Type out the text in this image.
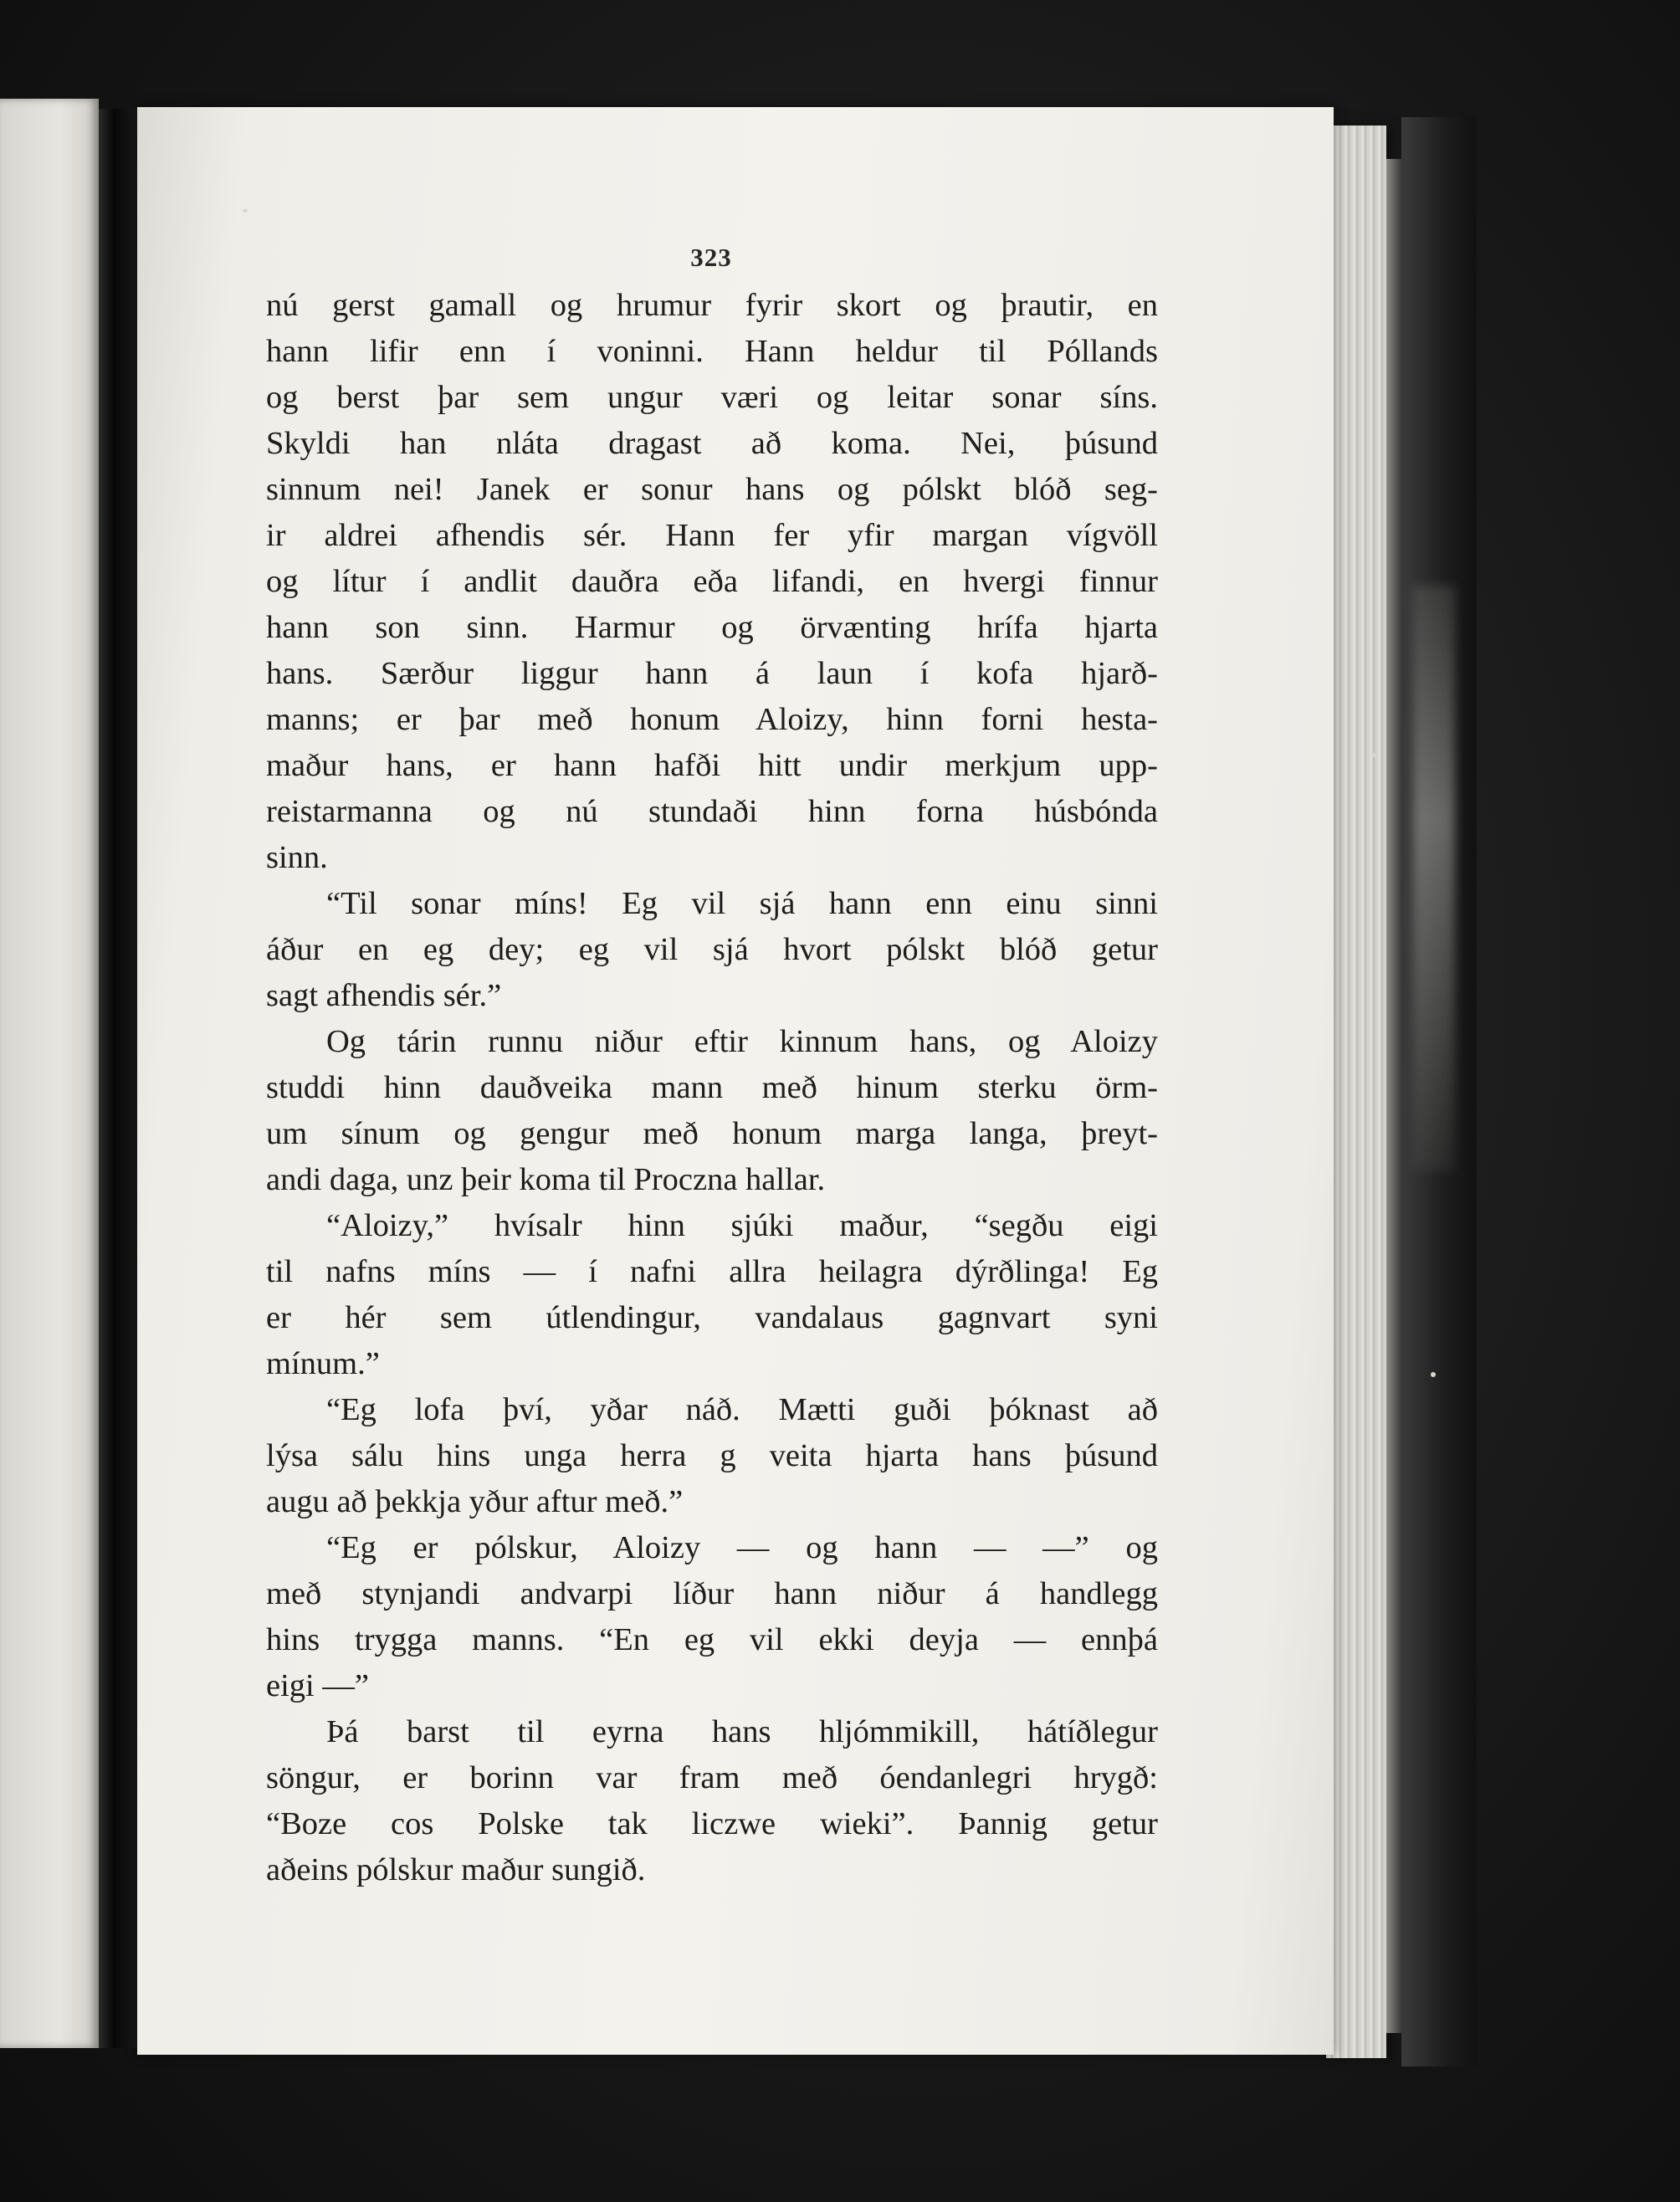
323
nú gerst gamall og hrumur fyrir skort og þrautir, en
hann lifir enn í voninni. Hann heldur til Póllands
og berst þar sem ungur væri og leitar sonar síns.
Skyldi han nláta dragast að koma. Nei, þúsund
sinnum nei! Janek er sonur hans og pólskt blóð seg-
ir aldrei afhendis sér. Hann fer yfir margan vígvöll
og lítur í andlit dauðra eða lifandi, en hvergi finnur
hann son sinn. Harmur og örvænting hrífa hjarta
hans. Særður liggur hann á laun í kofa hjarð-
manns; er þar með honum Aloizy, hinn forni hesta-
maður hans, er hann hafði hitt undir merkjum upp-
reistarmanna og nú stundaði hinn forna húsbónda
sinn.
“Til sonar míns! Eg vil sjá hann enn einu sinni
áður en eg dey; eg vil sjá hvort pólskt blóð getur
sagt afhendis sér.”
Og tárin runnu niður eftir kinnum hans, og Aloizy
studdi hinn dauðveika mann með hinum sterku örm-
um sínum og gengur með honum marga langa, þreyt-
andi daga, unz þeir koma til Proczna hallar.
“Aloizy,” hvísalr hinn sjúki maður, “segðu eigi
til nafns míns — í nafni allra heilagra dýrðlinga! Eg
er hér sem útlendingur, vandalaus gagnvart syni
mínum.”
“Eg lofa því, yðar náð. Mætti guði þóknast að
lýsa sálu hins unga herra g veita hjarta hans þúsund
augu að þekkja yður aftur með.”
“Eg er pólskur, Aloizy — og hann — —” og
með stynjandi andvarpi líður hann niður á handlegg
hins trygga manns. “En eg vil ekki deyja — ennþá
eigi —”
Þá barst til eyrna hans hljómmikill, hátíðlegur
söngur, er borinn var fram með óendanlegri hrygð:
“Boze cos Polske tak liczwe wieki”. Þannig getur
aðeins pólskur maður sungið.
